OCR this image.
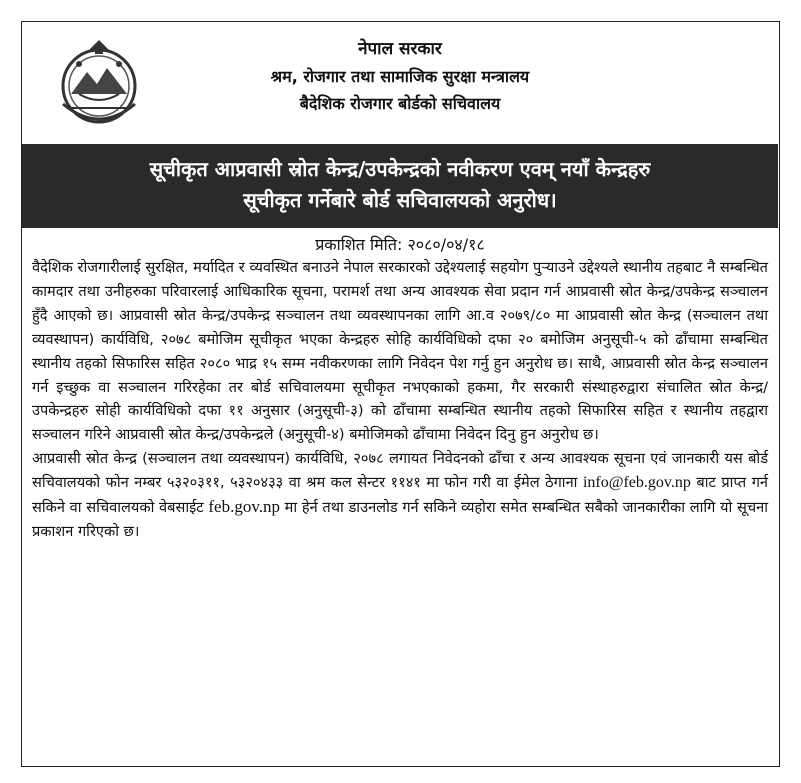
नेपाल सरकार
श्रम, रोजगार तथा सामाजिक सुरक्षा मन्त्रालय
बैदेशिक रोजगार बोर्डको सचिवालय
सूचीकृत आप्रवासी स्रोत केन्द्र/उपकेन्द्रको नवीकरण एवम् नयाँ केन्द्रहरु
सूचीकृत गर्नेबारे बोर्ड सचिवालयको अनुरोध।
प्रकाशित मिति: २०८०/०४/१८

वैदेशिक रोजगारीलाई सुरक्षित, मर्यादित र व्यवस्थित बनाउने नेपाल सरकारको उद्देश्यलाई सहयोग पुऱ्याउने उद्देश्यले स्थानीय तहबाट नै सम्बन्धित कामदार तथा उनीहरुका परिवारलाई आधिकारिक सूचना, परामर्श तथा अन्य आवश्यक सेवा प्रदान गर्न आप्रवासी स्रोत केन्द्र/उपकेन्द्र सञ्चालन हुँदै आएको छ। आप्रवासी स्रोत केन्द्र/उपकेन्द्र सञ्चालन तथा व्यवस्थापनका लागि आ.व २०७९/८० मा आप्रवासी स्रोत केन्द्र (सञ्चालन तथा व्यवस्थापन) कार्यविधि, २०७८ बमोजिम सूचीकृत भएका केन्द्रहरु सोहि कार्यविधिको दफा २० बमोजिम अनुसूची-५ को ढाँचामा सम्बन्धित स्थानीय तहको सिफारिस सहित २०८० भाद्र १५ सम्म नवीकरणका लागि निवेदन पेश गर्नु हुन अनुरोध छ। साथै, आप्रवासी स्रोत केन्द्र सञ्चालन गर्न इच्छुक वा सञ्चालन गरिरहेका तर बोर्ड सचिवालयमा सूचीकृत नभएकाको हकमा, गैर सरकारी संस्थाहरुद्वारा संचालित स्रोत केन्द्र/उपकेन्द्रहरु सोही कार्यविधिको दफा ११ अनुसार (अनुसूची-३) को ढाँचामा सम्बन्धित स्थानीय तहको सिफारिस सहित र स्थानीय तहद्वारा सञ्चालन गरिने आप्रवासी स्रोत केन्द्र/उपकेन्द्रले (अनुसूची-४) बमोजिमको ढाँचामा निवेदन दिनु हुन अनुरोध छ।

आप्रवासी स्रोत केन्द्र (सञ्चालन तथा व्यवस्थापन) कार्यविधि, २०७८ लगायत निवेदनको ढाँचा र अन्य आवश्यक सूचना एवं जानकारी यस बोर्ड सचिवालयको फोन नम्बर ५३२०३११, ५३२०४३३ वा श्रम कल सेन्टर ११४१ मा फोन गरी वा ईमेल ठेगाना info@feb.gov.np बाट प्राप्त गर्न सकिने वा सचिवालयको वेबसाईट feb.gov.np मा हेर्न तथा डाउनलोड गर्न सकिने व्यहोरा समेत सम्बन्धित सबैको जानकारीका लागि यो सूचना प्रकाशन गरिएको छ।
